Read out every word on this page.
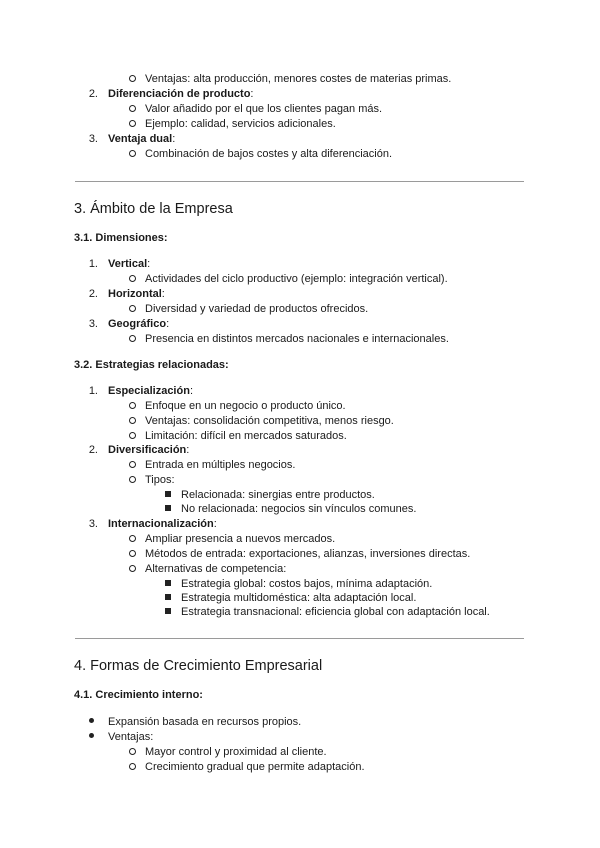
Ventajas: alta producción, menores costes de materias primas.
2. Diferenciación de producto:
Valor añadido por el que los clientes pagan más.
Ejemplo: calidad, servicios adicionales.
3. Ventaja dual:
Combinación de bajos costes y alta diferenciación.
3. Ámbito de la Empresa
3.1. Dimensiones:
1. Vertical:
Actividades del ciclo productivo (ejemplo: integración vertical).
2. Horizontal:
Diversidad y variedad de productos ofrecidos.
3. Geográfico:
Presencia en distintos mercados nacionales e internacionales.
3.2. Estrategias relacionadas:
1. Especialización:
Enfoque en un negocio o producto único.
Ventajas: consolidación competitiva, menos riesgo.
Limitación: difícil en mercados saturados.
2. Diversificación:
Entrada en múltiples negocios.
Tipos:
Relacionada: sinergias entre productos.
No relacionada: negocios sin vínculos comunes.
3. Internacionalización:
Ampliar presencia a nuevos mercados.
Métodos de entrada: exportaciones, alianzas, inversiones directas.
Alternativas de competencia:
Estrategia global: costos bajos, mínima adaptación.
Estrategia multidoméstica: alta adaptación local.
Estrategia transnacional: eficiencia global con adaptación local.
4. Formas de Crecimiento Empresarial
4.1. Crecimiento interno:
Expansión basada en recursos propios.
Ventajas:
Mayor control y proximidad al cliente.
Crecimiento gradual que permite adaptación.
